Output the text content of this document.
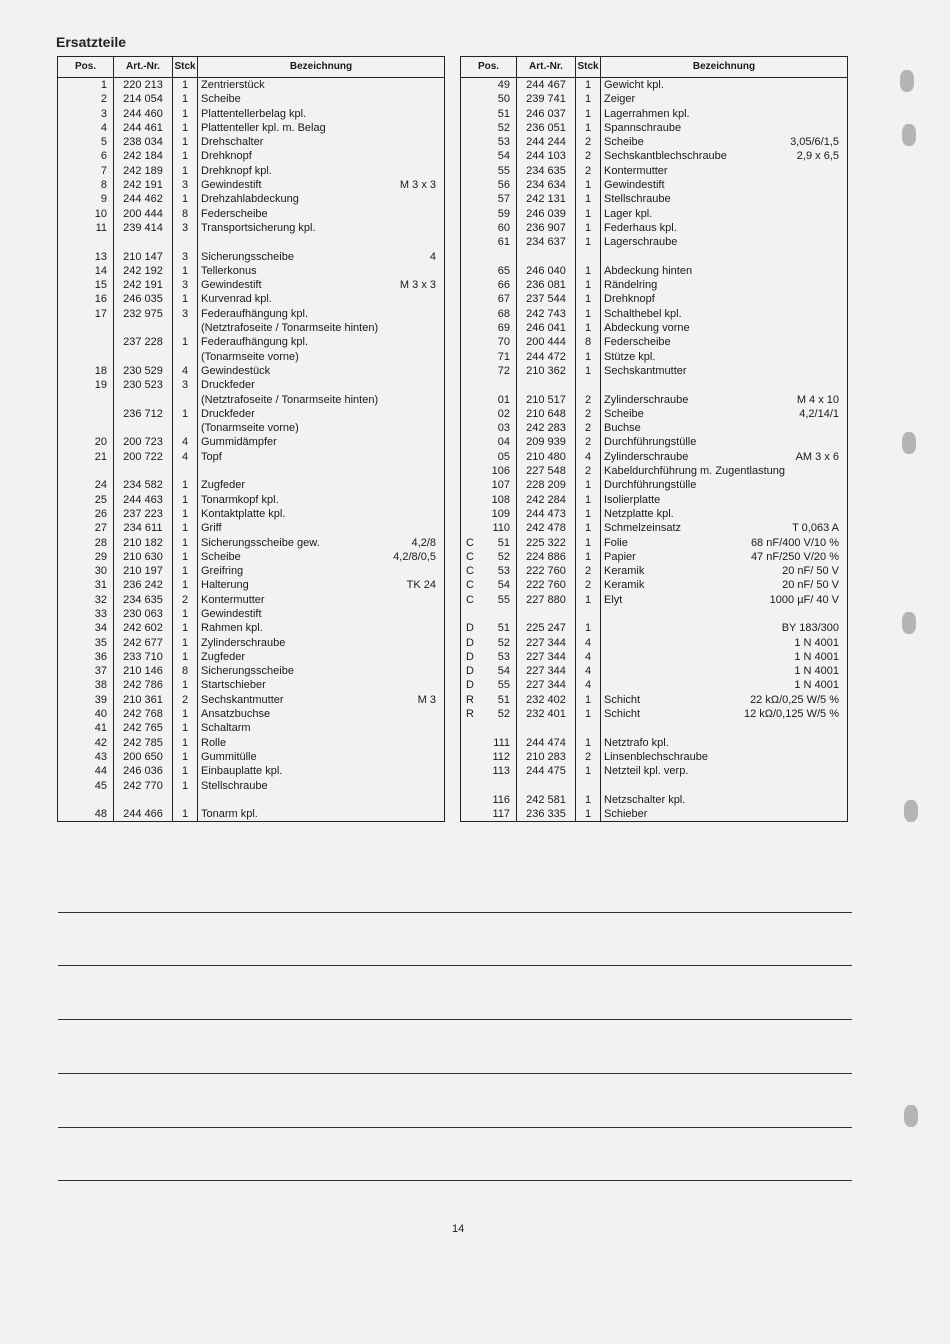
Ersatzteile
Pos.	Art.-Nr.	Stck	Bezeichnung
1	220 213	1	Zentrierstück

2	214 054	1	Scheibe

3	244 460	1	Plattentellerbelag kpl.

4	244 461	1	Plattenteller kpl. m. Belag

5	238 034	1	Drehschalter

6	242 184	1	Drehknopf

7	242 189	1	Drehknopf kpl.

8	242 191	3	Gewindestift M 3 x 3

9	244 462	1	Drehzahlabdeckung

10	200 444	8	Federscheibe

11	239 414	3	Transportsicherung kpl.

13	210 147	3	Sicherungsscheibe 4

14	242 192	1	Tellerkonus

15	242 191	3	Gewindestift M 3 x 3

16	246 035	1	Kurvenrad kpl.

17	232 975	3	Federaufhängung kpl.

			(Netztrafoseite / Tonarmseite hinten)

	237 228	1	Federaufhängung kpl.

			(Tonarmseite vorne)

18	230 529	4	Gewindestück

19	230 523	3	Druckfeder

			(Netztrafoseite / Tonarmseite hinten)

	236 712	1	Druckfeder

			(Tonarmseite vorne)

20	200 723	4	Gummidämpfer

21	200 722	4	Topf

24	234 582	1	Zugfeder

25	244 463	1	Tonarmkopf kpl.

26	237 223	1	Kontaktplatte kpl.

27	234 611	1	Griff

28	210 182	1	Sicherungsscheibe gew. 4,2/8

29	210 630	1	Scheibe 4,2/8/0,5

30	210 197	1	Greifring

31	236 242	1	Halterung TK 24

32	234 635	2	Kontermutter

33	230 063	1	Gewindestift

34	242 602	1	Rahmen kpl.

35	242 677	1	Zylinderschraube

36	233 710	1	Zugfeder

37	210 146	8	Sicherungsscheibe

38	242 786	1	Startschieber

39	210 361	2	Sechskantmutter M 3

40	242 768	1	Ansatzbuchse

41	242 765	1	Schaltarm

42	242 785	1	Rolle

43	200 650	1	Gummitülle

44	246 036	1	Einbauplatte kpl.

45	242 770	1	Stellschraube

48	244 466	1	Tonarm kpl.
Pos.	Art.-Nr.	Stck	Bezeichnung

49	244 467	1	Gewicht kpl.

50	239 741	1	Zeiger

51	246 037	1	Lagerrahmen kpl.

52	236 051	1	Spannschraube

53	244 244	2	Scheibe 3,05/6/1,5

54	244 103	2	Sechskantblechschraube 2,9 x 6,5

55	234 635	2	Kontermutter

56	234 634	1	Gewindestift

57	242 131	1	Stellschraube

59	246 039	1	Lager kpl.

60	236 907	1	Federhaus kpl.

61	234 637	1	Lagerschraube

65	246 040	1	Abdeckung hinten

66	236 081	1	Rändelring

67	237 544	1	Drehknopf

68	242 743	1	Schalthebel kpl.

69	246 041	1	Abdeckung vorne

70	200 444	8	Federscheibe

71	244 472	1	Stütze kpl.

72	210 362	1	Sechskantmutter

01	210 517	2	Zylinderschraube M 4 x 10

02	210 648	2	Scheibe 4,2/14/1

03	242 283	2	Buchse

04	209 939	2	Durchführungstülle

05	210 480	4	Zylinderschraube AM 3 x 6

106	227 548	2	Kabeldurchführung m. Zugentlastung

107	228 209	1	Durchführungstülle

108	242 284	1	Isolierplatte

109	244 473	1	Netzplatte kpl.

110	242 478	1	Schmelzeinsatz T 0,063 A

C 51	225 322	1	Folie 68 nF/400 V/10 %

C 52	224 886	1	Papier 47 nF/250 V/20 %

C 53	222 760	2	Keramik 20 nF/ 50 V

C 54	222 760	2	Keramik 20 nF/ 50 V

C 55	227 880	1	Elyt 1000 µF/ 40 V

D 51	225 247	1	BY 183/300

D 52	227 344	4	1 N 4001

D 53	227 344	4	1 N 4001

D 54	227 344	4	1 N 4001

D 55	227 344	4	1 N 4001

R 51	232 402	1	Schicht 22 kΩ/0,25 W/5 %

R 52	232 401	1	Schicht 12 kΩ/0,125 W/5 %

111	244 474	1	Netztrafo kpl.

112	210 283	2	Linsenblechschraube

113	244 475	1	Netzteil kpl. verp.

116	242 581	1	Netzschalter kpl.

117	236 335	1	Schieber
14
